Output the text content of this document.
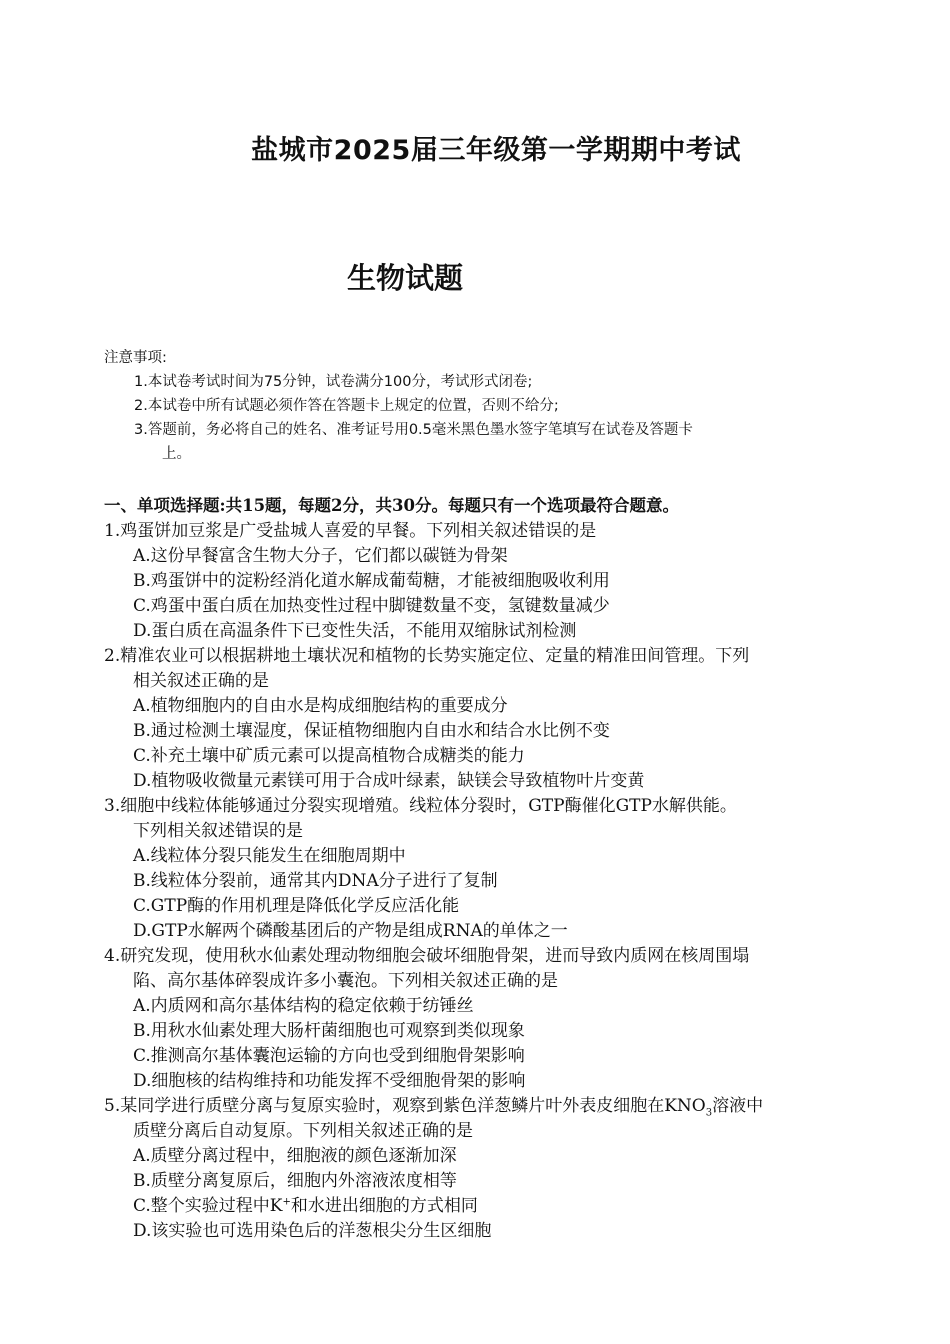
盐城市2025届三年级第一学期期中考试
生物试题
注意事项:
1.本试卷考试时间为75分钟，试卷满分100分，考试形式闭卷;
2.本试卷中所有试题必须作答在答题卡上规定的位置，否则不给分;
3.答题前，务必将自己的姓名、准考证号用0.5毫米黑色墨水签字笔填写在试卷及答题卡
上。
一、单项选择题:共15题，每题2分，共30分。每题只有一个选项最符合题意。
1.鸡蛋饼加豆浆是广受盐城人喜爱的早餐。下列相关叙述错误的是
A.这份早餐富含生物大分子，它们都以碳链为骨架
B.鸡蛋饼中的淀粉经消化道水解成葡萄糖，才能被细胞吸收利用
C.鸡蛋中蛋白质在加热变性过程中脚键数量不变，氢键数量减少
D.蛋白质在高温条件下已变性失活，不能用双缩脉试剂检测
2.精准农业可以根据耕地土壤状况和植物的长势实施定位、定量的精准田间管理。下列
相关叙述正确的是
A.植物细胞内的自由水是构成细胞结构的重要成分
B.通过检测土壤湿度，保证植物细胞内自由水和结合水比例不变
C.补充土壤中矿质元素可以提高植物合成糖类的能力
D.植物吸收微量元素镁可用于合成叶绿素，缺镁会导致植物叶片变黄
3.细胞中线粒体能够通过分裂实现增殖。线粒体分裂时，GTP酶催化GTP水解供能。
下列相关叙述错误的是
A.线粒体分裂只能发生在细胞周期中
B.线粒体分裂前，通常其内DNA分子进行了复制
C.GTP酶的作用机理是降低化学反应活化能
D.GTP水解两个磷酸基团后的产物是组成RNA的单体之一
4.研究发现，使用秋水仙素处理动物细胞会破坏细胞骨架，进而导致内质网在核周围塌
陷、高尔基体碎裂成许多小囊泡。下列相关叙述正确的是
A.内质网和高尔基体结构的稳定依赖于纺锤丝
B.用秋水仙素处理大肠杆菌细胞也可观察到类似现象
C.推测高尔基体囊泡运输的方向也受到细胞骨架影响
D.细胞核的结构维持和功能发挥不受细胞骨架的影响
5.某同学进行质壁分离与复原实验时，观察到紫色洋葱鳞片叶外表皮细胞在$KNO_3$溶液中
质壁分离后自动复原。下列相关叙述正确的是
A.质壁分离过程中，细胞液的颜色逐渐加深
B.质壁分离复原后，细胞内外溶液浓度相等
C.整个实验过程中K+和水进出细胞的方式相同
D.该实验也可选用染色后的洋葱根尖分生区细胞
